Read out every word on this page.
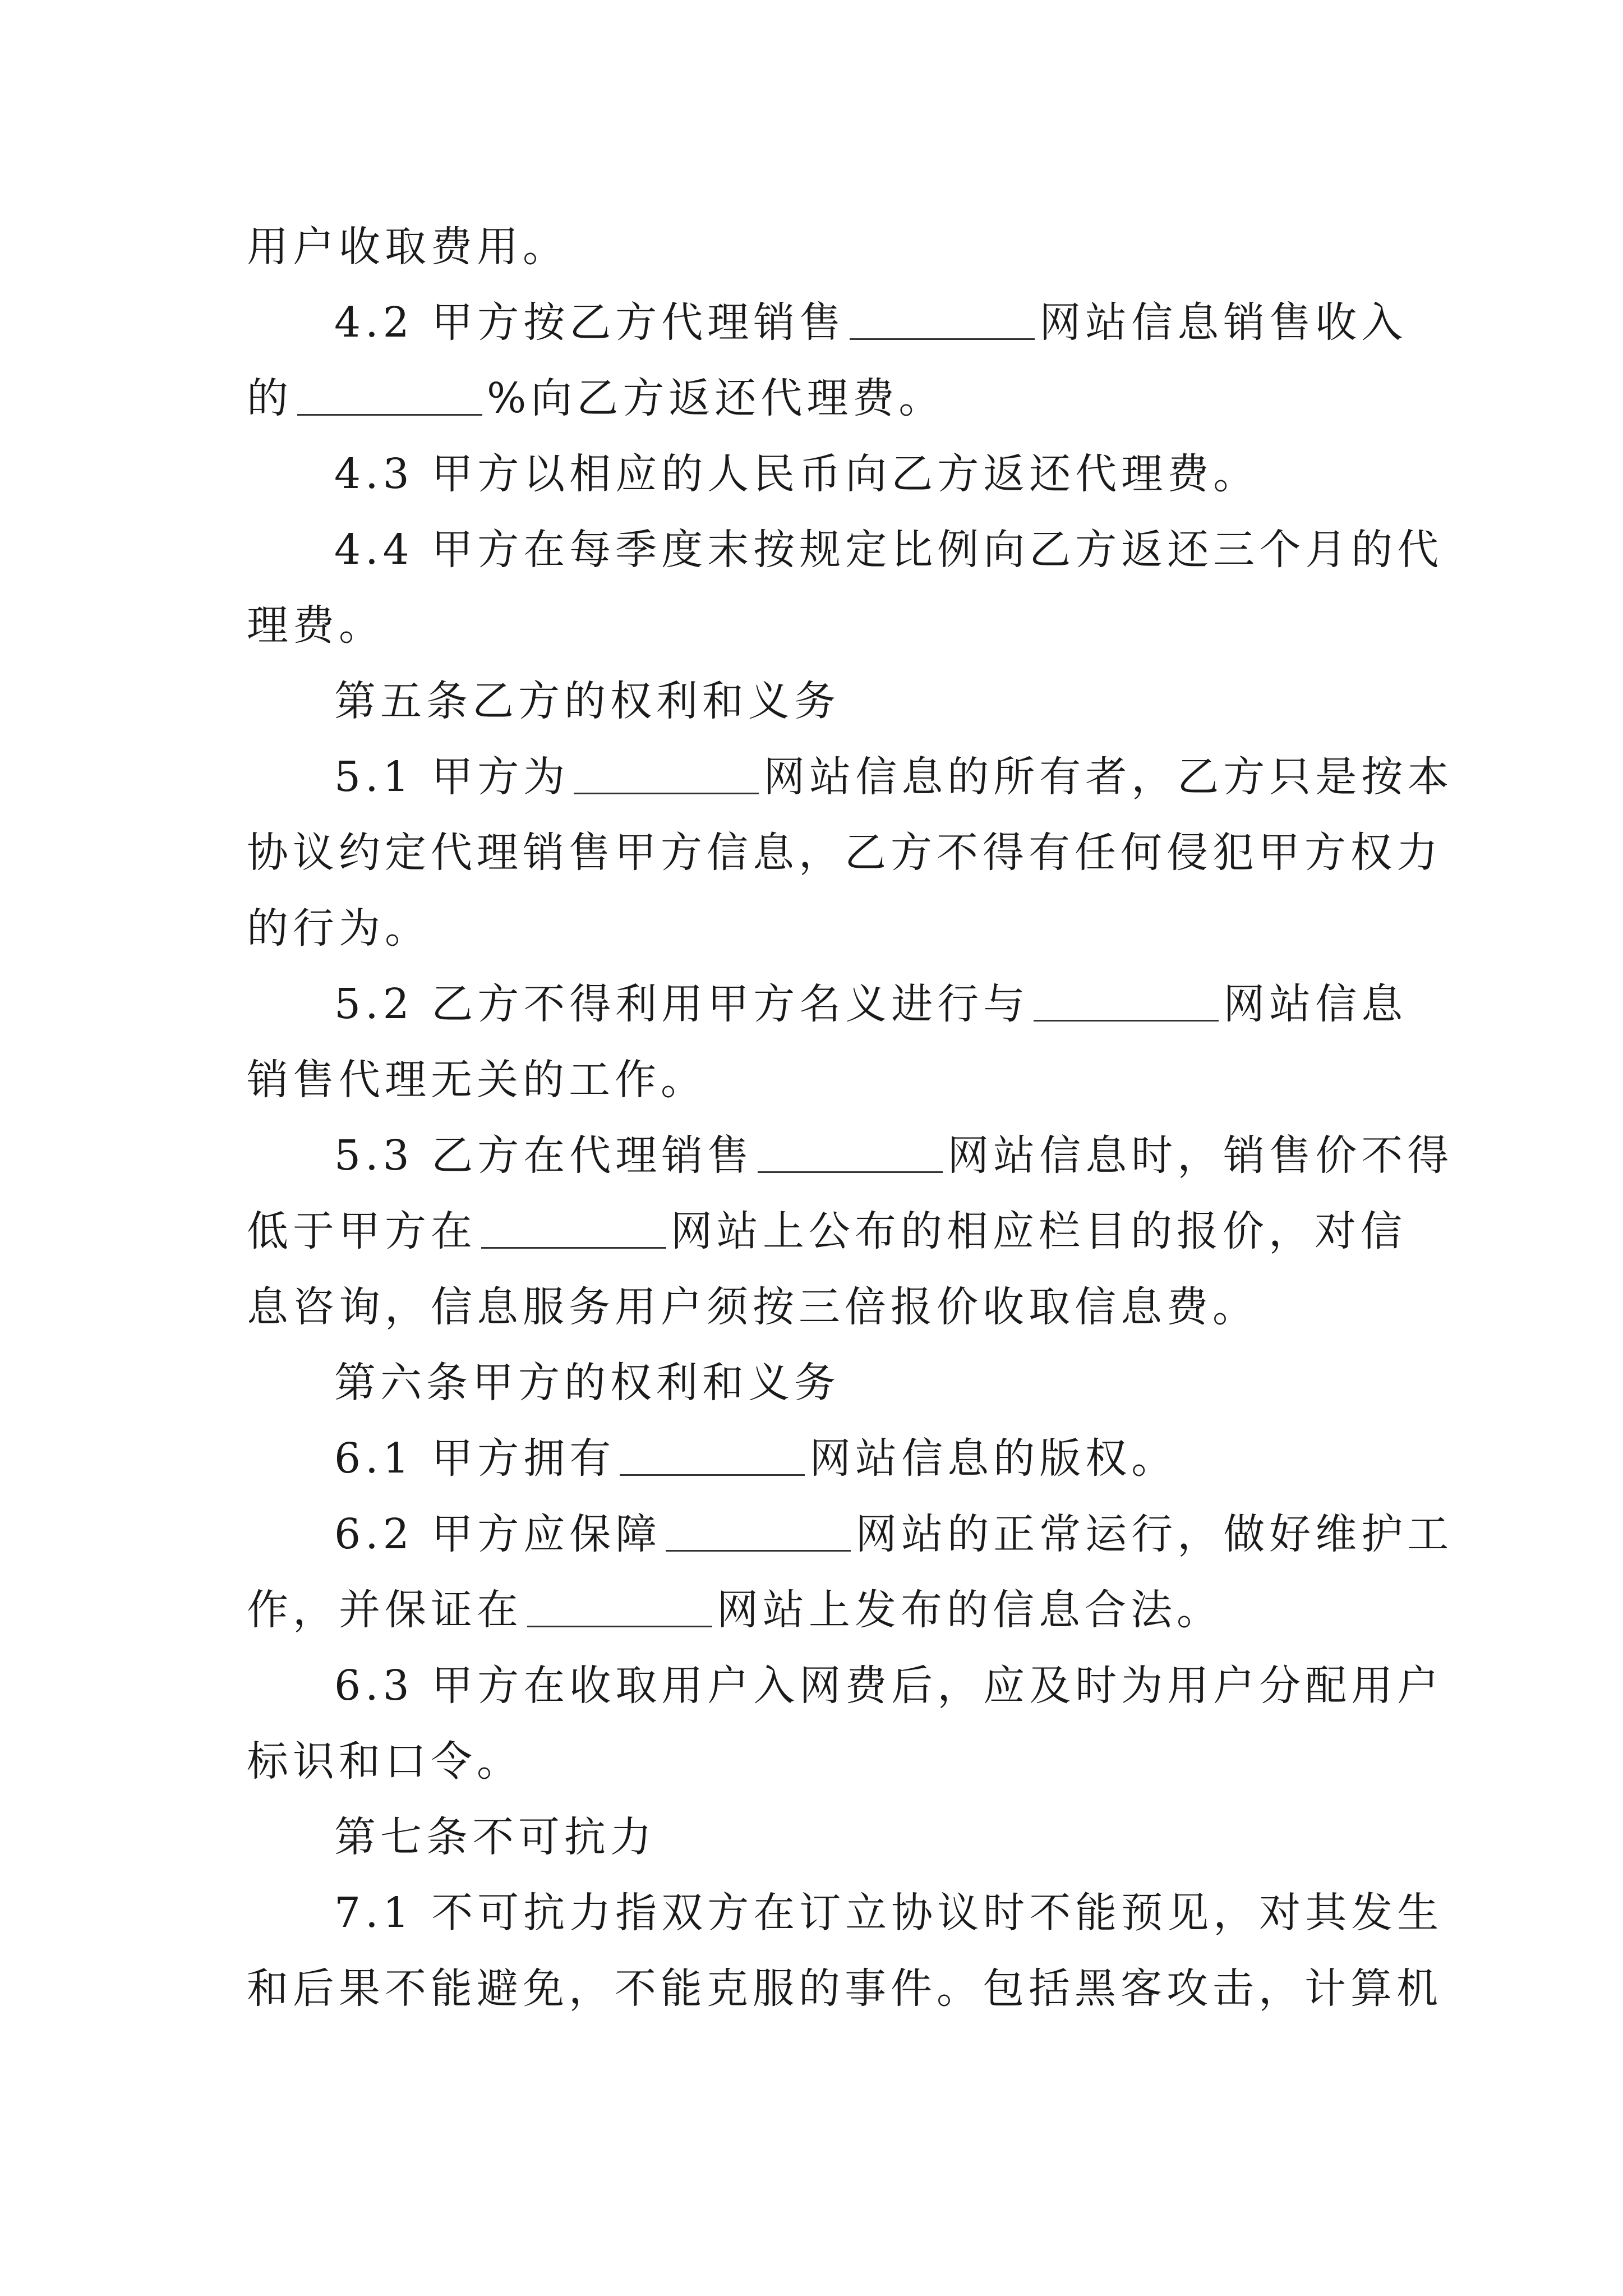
用户收取费用。
4.2 甲方按乙方代理销售	网站信息销售收入
的	%向乙方返还代理费。
4.3 甲方以相应的人民币向乙方返还代理费。
4.4 甲方在每季度末按规定比例向乙方返还三个月的代
理费。
第五条乙方的权利和义务
5.1 甲方为	网站信息的所有者，乙方只是按本
协议约定代理销售甲方信息，乙方不得有任何侵犯甲方权力
的行为。
5.2 乙方不得利用甲方名义进行与	网站信息
销售代理无关的工作。
5.3 乙方在代理销售	网站信息时，销售价不得
低于甲方在	网站上公布的相应栏目的报价，对信
息咨询，信息服务用户须按三倍报价收取信息费。
第六条甲方的权利和义务
6.1 甲方拥有	网站信息的版权。
6.2 甲方应保障	网站的正常运行，做好维护工
作，并保证在	网站上发布的信息合法。
6.3 甲方在收取用户入网费后，应及时为用户分配用户
标识和口令。
第七条不可抗力
7.1 不可抗力指双方在订立协议时不能预见，对其发生
和后果不能避免，不能克服的事件。包括黑客攻击，计算机
